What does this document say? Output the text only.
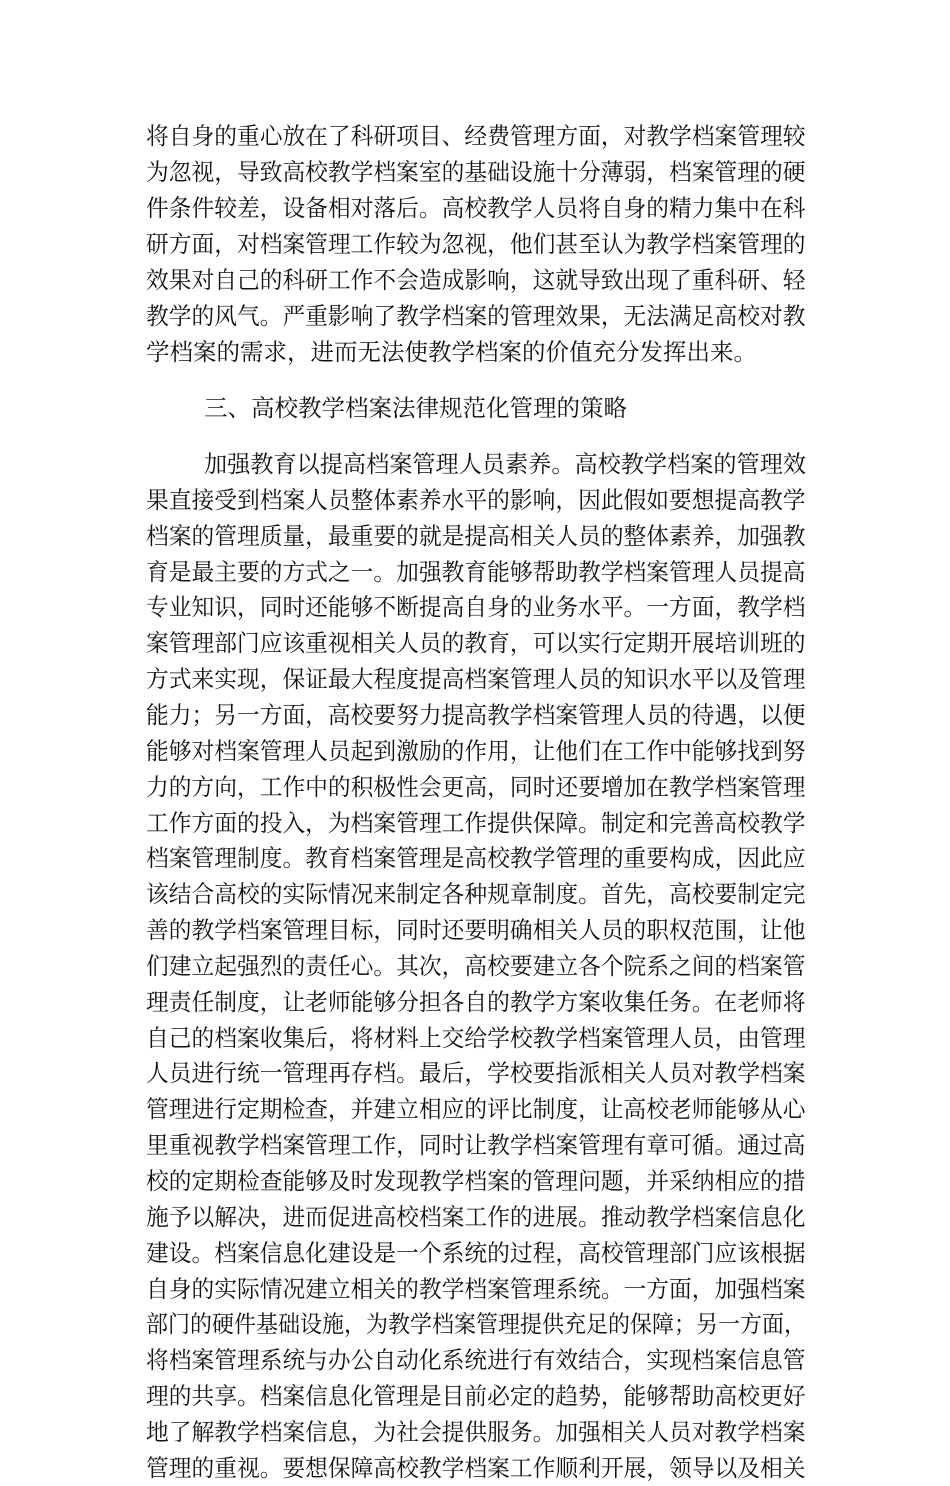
将自身的重心放在了科研项目、经费管理方面，对教学档案管理较
为忽视，导致高校教学档案室的基础设施十分薄弱，档案管理的硬
件条件较差，设备相对落后。高校教学人员将自身的精力集中在科
研方面，对档案管理工作较为忽视，他们甚至认为教学档案管理的
效果对自己的科研工作不会造成影响，这就导致出现了重科研、轻
教学的风气。严重影响了教学档案的管理效果，无法满足高校对教
学档案的需求，进而无法使教学档案的价值充分发挥出来。
三、高校教学档案法律规范化管理的策略
加强教育以提高档案管理人员素养。高校教学档案的管理效
果直接受到档案人员整体素养水平的影响，因此假如要想提高教学
档案的管理质量，最重要的就是提高相关人员的整体素养，加强教
育是最主要的方式之一。加强教育能够帮助教学档案管理人员提高
专业知识，同时还能够不断提高自身的业务水平。一方面，教学档
案管理部门应该重视相关人员的教育，可以实行定期开展培训班的
方式来实现，保证最大程度提高档案管理人员的知识水平以及管理
能力；另一方面，高校要努力提高教学档案管理人员的待遇，以便
能够对档案管理人员起到激励的作用，让他们在工作中能够找到努
力的方向，工作中的积极性会更高，同时还要增加在教学档案管理
工作方面的投入，为档案管理工作提供保障。制定和完善高校教学
档案管理制度。教育档案管理是高校教学管理的重要构成，因此应
该结合高校的实际情况来制定各种规章制度。首先，高校要制定完
善的教学档案管理目标，同时还要明确相关人员的职权范围，让他
们建立起强烈的责任心。其次，高校要建立各个院系之间的档案管
理责任制度，让老师能够分担各自的教学方案收集任务。在老师将
自己的档案收集后，将材料上交给学校教学档案管理人员，由管理
人员进行统一管理再存档。最后，学校要指派相关人员对教学档案
管理进行定期检查，并建立相应的评比制度，让高校老师能够从心
里重视教学档案管理工作，同时让教学档案管理有章可循。通过高
校的定期检查能够及时发现教学档案的管理问题，并采纳相应的措
施予以解决，进而促进高校档案工作的进展。推动教学档案信息化
建设。档案信息化建设是一个系统的过程，高校管理部门应该根据
自身的实际情况建立相关的教学档案管理系统。一方面，加强档案
部门的硬件基础设施，为教学档案管理提供充足的保障；另一方面，
将档案管理系统与办公自动化系统进行有效结合，实现档案信息管
理的共享。档案信息化管理是目前必定的趋势，能够帮助高校更好
地了解教学档案信息，为社会提供服务。加强相关人员对教学档案
管理的重视。要想保障高校教学档案工作顺利开展，领导以及相关
